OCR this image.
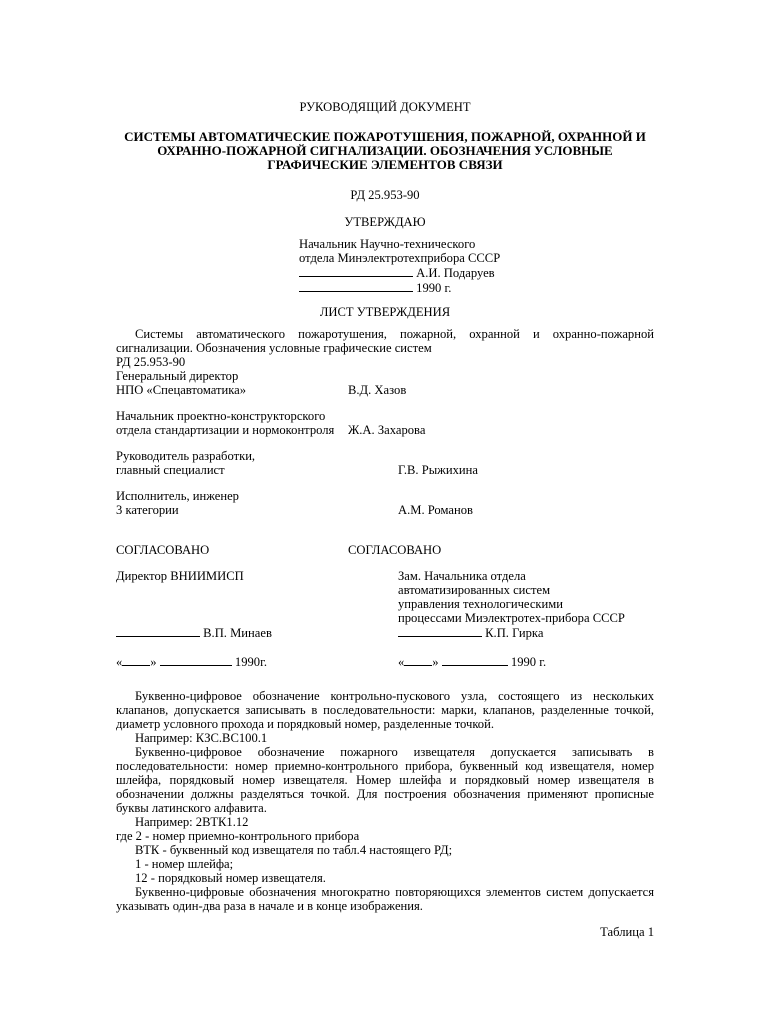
РУКОВОДЯЩИЙ ДОКУМЕНТ
СИСТЕМЫ АВТОМАТИЧЕСКИЕ ПОЖАРОТУШЕНИЯ, ПОЖАРНОЙ, ОХРАННОЙ И
ОХРАННО-ПОЖАРНОЙ СИГНАЛИЗАЦИИ. ОБОЗНАЧЕНИЯ УСЛОВНЫЕ
ГРАФИЧЕСКИЕ ЭЛЕМЕНТОВ СВЯЗИ
РД 25.953-90
УТВЕРЖДАЮ
Начальник Научно-технического
отдела Минэлектротехприбора СССР
А.И. Подаруев
1990 г.
ЛИСТ УТВЕРЖДЕНИЯ
Системы автоматического пожаротушения, пожарной, охранной и охранно-пожарной сигнализации. Обозначения условные графические систем
РД 25.953-90
Генеральный директор
НПО «Спецавтоматика»	В.Д. Хазов
Начальник проектно-конструкторского
отдела стандартизации и нормоконтроля	Ж.А. Захарова
Руководитель разработки,
главный специалист	Г.В. Рыжихина
Исполнитель, инженер
3 категории	А.М. Романов
СОГЛАСОВАНО	СОГЛАСОВАНО
Директор ВНИИМИСП	Зам. Начальника отдела
автоматизированных систем
управления технологическими
процессами Миэлектротех-прибора СССР
В.П. Минаев	К.П. Гирка
« »	1990г.	« »	1990 г.
Буквенно-цифровое обозначение контрольно-пускового узла, состоящего из нескольких клапанов, допускается записывать в последовательности: марки, клапанов, разделенные точкой, диаметр условного прохода и порядковый номер, разделенные точкой.
Например: КЗС.ВС100.1
Буквенно-цифровое обозначение пожарного извещателя допускается записывать в последовательности: номер приемно-контрольного прибора, буквенный код извещателя, номер шлейфа, порядковый номер извещателя. Номер шлейфа и порядковый номер извещателя в обозначении должны разделяться точкой. Для построения обозначения применяют прописные буквы латинского алфавита.
Например: 2ВТК1.12
где 2 - номер приемно-контрольного прибора
ВТК - буквенный код извещателя по табл.4 настоящего РД;
1 - номер шлейфа;
12 - порядковый номер извещателя.
Буквенно-цифровые обозначения многократно повторяющихся элементов систем допускается указывать один-два раза в начале и в конце изображения.
Таблица 1
